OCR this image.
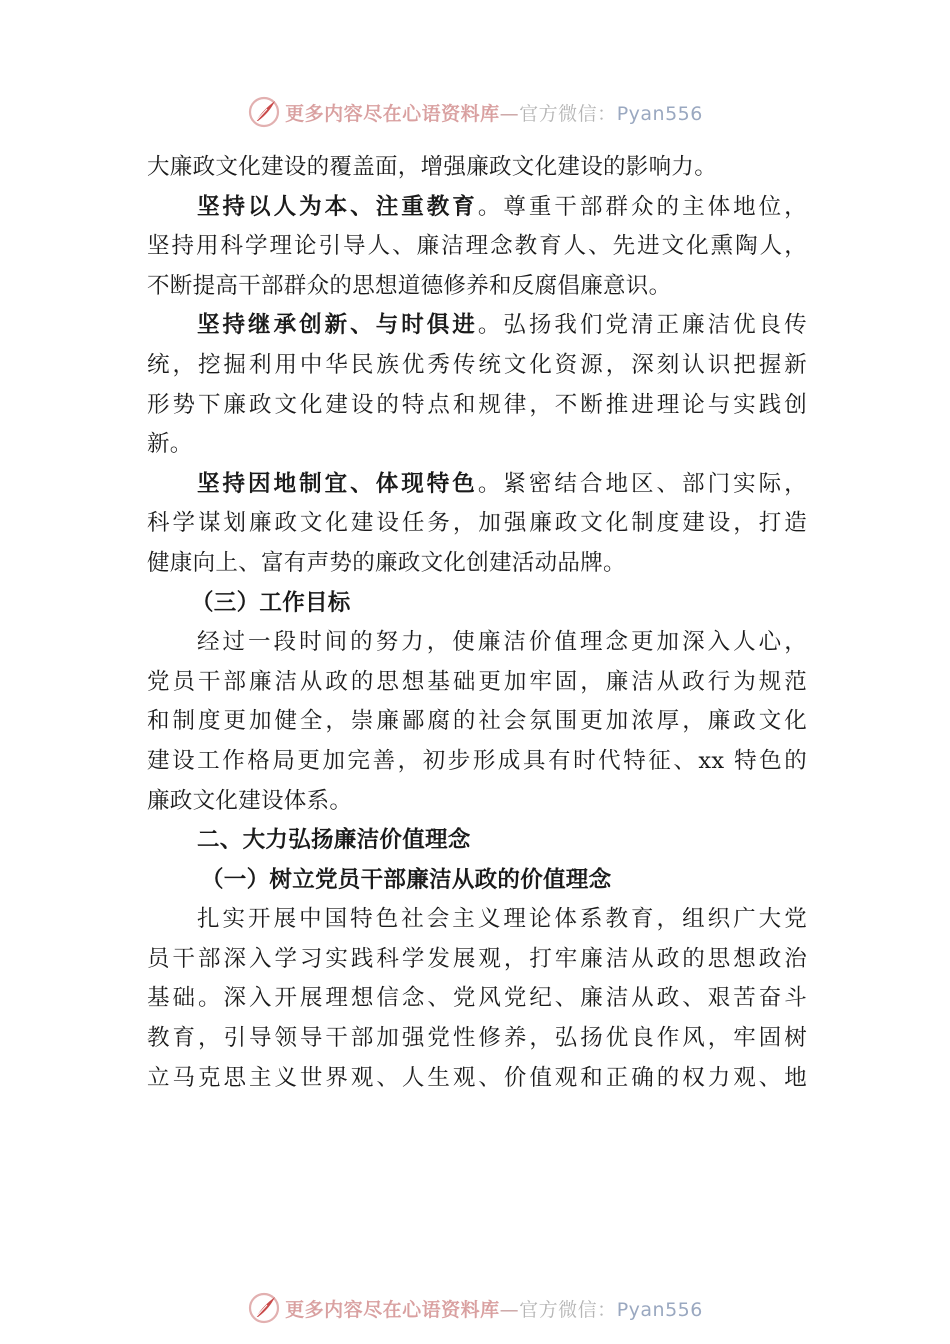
更多内容尽在心语资料库—官方微信：Pyan556
大廉政文化建设的覆盖面，增强廉政文化建设的影响力。
坚持以人为本、注重教育。尊重干部群众的主体地位，
坚持用科学理论引导人、廉洁理念教育人、先进文化熏陶人，
不断提高干部群众的思想道德修养和反腐倡廉意识。
坚持继承创新、与时俱进。弘扬我们党清正廉洁优良传
统，挖掘利用中华民族优秀传统文化资源，深刻认识把握新
形势下廉政文化建设的特点和规律，不断推进理论与实践创
新。
坚持因地制宜、体现特色。紧密结合地区、部门实际，
科学谋划廉政文化建设任务，加强廉政文化制度建设，打造
健康向上、富有声势的廉政文化创建活动品牌。
（三）工作目标
经过一段时间的努力，使廉洁价值理念更加深入人心，
党员干部廉洁从政的思想基础更加牢固，廉洁从政行为规范
和制度更加健全，崇廉鄙腐的社会氛围更加浓厚，廉政文化
建设工作格局更加完善，初步形成具有时代特征、xx 特色的
廉政文化建设体系。
二、大力弘扬廉洁价值理念
（一）树立党员干部廉洁从政的价值理念
扎实开展中国特色社会主义理论体系教育，组织广大党
员干部深入学习实践科学发展观，打牢廉洁从政的思想政治
基础。深入开展理想信念、党风党纪、廉洁从政、艰苦奋斗
教育，引导领导干部加强党性修养，弘扬优良作风，牢固树
立马克思主义世界观、人生观、价值观和正确的权力观、地
更多内容尽在心语资料库—官方微信：Pyan556
